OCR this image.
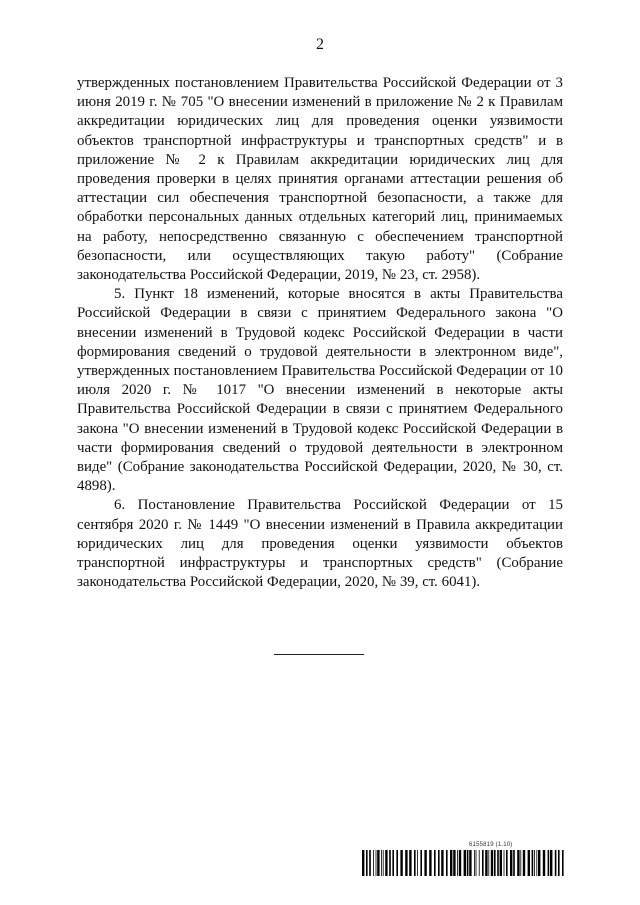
2

утвержденных постановлением Правительства Российской Федерации от 3 июня 2019 г. № 705 "О внесении изменений в приложение № 2 к Правилам аккредитации юридических лиц для проведения оценки уязвимости объектов транспортной инфраструктуры и транспортных средств" и в приложение № 2 к Правилам аккредитации юридических лиц для проведения проверки в целях принятия органами аттестации решения об аттестации сил обеспечения транспортной безопасности, а также для обработки персональных данных отдельных категорий лиц, принимаемых на работу, непосредственно связанную с обеспечением транспортной безопасности, или осуществляющих такую работу" (Собрание законодательства Российской Федерации, 2019, № 23, ст. 2958).

5. Пункт 18 изменений, которые вносятся в акты Правительства Российской Федерации в связи с принятием Федерального закона "О внесении изменений в Трудовой кодекс Российской Федерации в части формирования сведений о трудовой деятельности в электронном виде", утвержденных постановлением Правительства Российской Федерации от 10 июля 2020 г. № 1017 "О внесении изменений в некоторые акты Правительства Российской Федерации в связи с принятием Федерального закона "О внесении изменений в Трудовой кодекс Российской Федерации в части формирования сведений о трудовой деятельности в электронном виде" (Собрание законодательства Российской Федерации, 2020, № 30, ст. 4898).

6. Постановление Правительства Российской Федерации от 15 сентября 2020 г. № 1449 "О внесении изменений в Правила аккредитации юридических лиц для проведения оценки уязвимости объектов транспортной инфраструктуры и транспортных средств" (Собрание законодательства Российской Федерации, 2020, № 39, ст. 6041).

6155819 (1.10)
